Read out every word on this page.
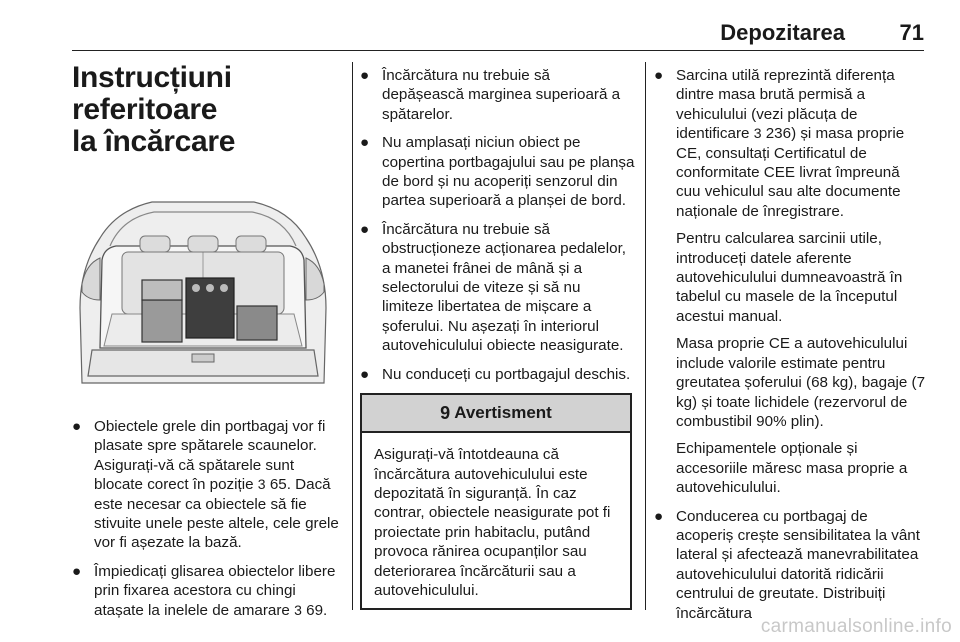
Depozitarea 71
Instrucțiuni referitoare
la încărcare
● Obiectele grele din portbagaj vor fi plasate spre spătarele scaunelor. Asigurați-vă că spătarele sunt blocate corect în poziție 3 65. Dacă este necesar ca obiectele să fie stivuite unele peste altele, cele grele vor fi așezate la bază.
● Împiedicați glisarea obiectelor libere prin fixarea acestora cu chingi atașate la inelele de amarare 3 69.
● Încărcătura nu trebuie să depășească marginea superioară a spătarelor.
● Nu amplasați niciun obiect pe copertina portbagajului sau pe planșa de bord și nu acoperiți senzorul din partea superioară a planșei de bord.
● Încărcătura nu trebuie să obstrucționeze acționarea pedalelor, a manetei frânei de mână și a selectorului de viteze și să nu limiteze libertatea de mișcare a șoferului. Nu așezați în interiorul autovehiculului obiecte neasigurate.
● Nu conduceți cu portbagajul deschis.
9 Avertisment
Asigurați-vă întotdeauna că încărcătura autovehiculului este depozitată în siguranță. În caz contrar, obiectele neasigurate pot fi proiectate prin habitaclu, putând provoca rănirea ocupanților sau deteriorarea încărcăturii sau a autovehiculului.
● Sarcina utilă reprezintă diferența dintre masa brută permisă a vehiculului (vezi plăcuța de identificare 3 236) și masa proprie CE, consultați Certificatul de conformitate CEE livrat împreună cuu vehiculul sau alte documente naționale de înregistrare.

Pentru calcularea sarcinii utile, introduceți datele aferente autovehiculului dumneavoastră în tabelul cu masele de la începutul acestui manual.

Masa proprie CE a autovehiculului include valorile estimate pentru greutatea șoferului (68 kg), bagaje (7 kg) și toate lichidele (rezervorul de combustibil 90% plin).

Echipamentele opționale și accesoriile măresc masa proprie a autovehiculului.

● Conducerea cu portbagaj de acoperiș crește sensibilitatea la vânt lateral și afectează manevrabilitatea autovehiculului datorită ridicării centrului de greutate. Distribuiți încărcătura
carmanualsonline.info
